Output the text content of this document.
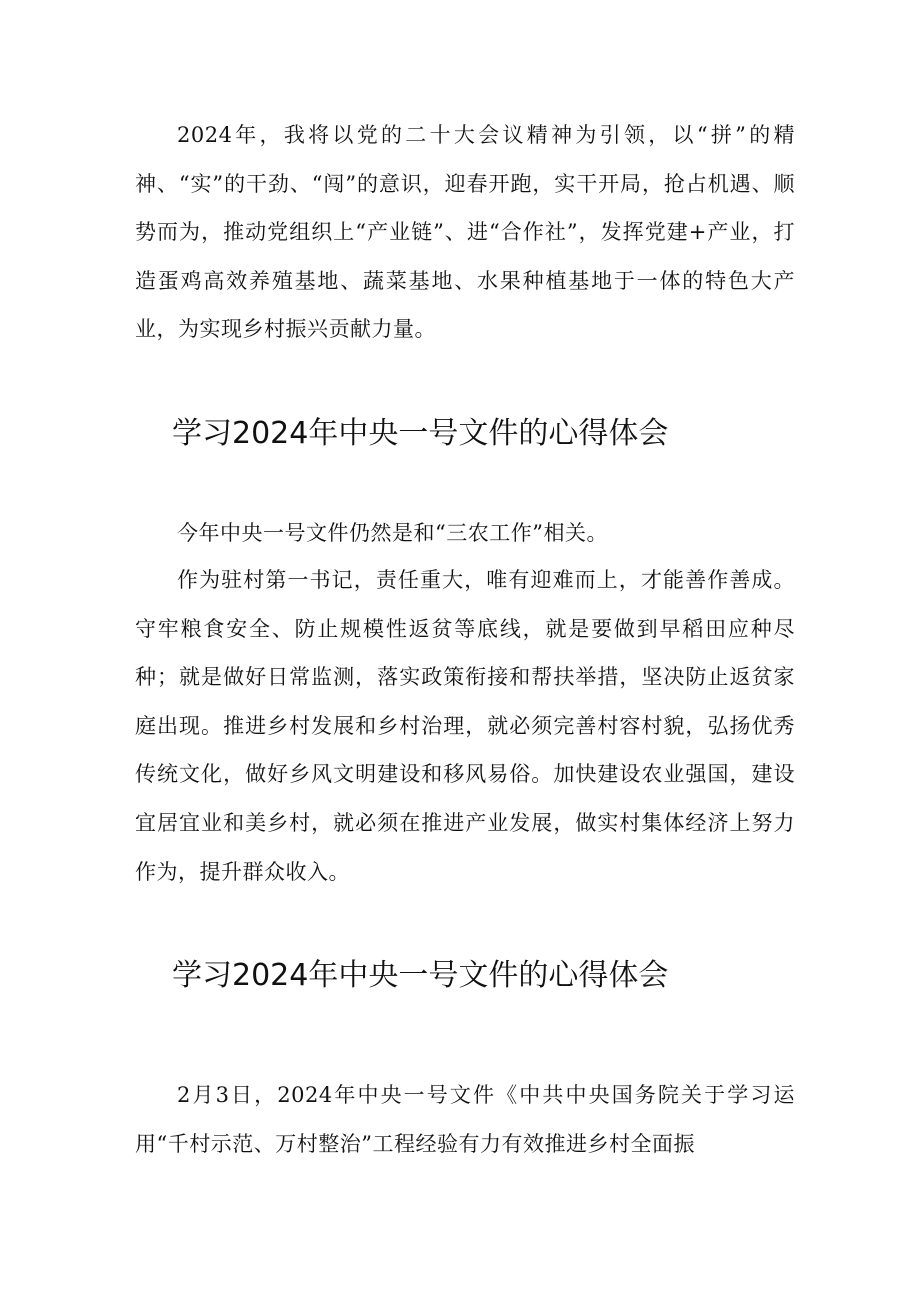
2024年，我将以党的二十大会议精神为引领，以“拼”的精神、“实”的干劲、“闯”的意识，迎春开跑，实干开局，抢占机遇、顺势而为，推动党组织上“产业链”、进“合作社”，发挥党建+产业，打造蛋鸡高效养殖基地、蔬菜基地、水果种植基地于一体的特色大产业，为实现乡村振兴贡献力量。

学习2024年中央一号文件的心得体会

今年中央一号文件仍然是和“三农工作”相关。

作为驻村第一书记，责任重大，唯有迎难而上，才能善作善成。守牢粮食安全、防止规模性返贫等底线，就是要做到早稻田应种尽种；就是做好日常监测，落实政策衔接和帮扶举措，坚决防止返贫家庭出现。推进乡村发展和乡村治理，就必须完善村容村貌，弘扬优秀传统文化，做好乡风文明建设和移风易俗。加快建设农业强国，建设宜居宜业和美乡村，就必须在推进产业发展，做实村集体经济上努力作为，提升群众收入。

学习2024年中央一号文件的心得体会

2月3日，2024年中央一号文件《中共中央国务院关于学习运用“千村示范、万村整治”工程经验有力有效推进乡村全面振
